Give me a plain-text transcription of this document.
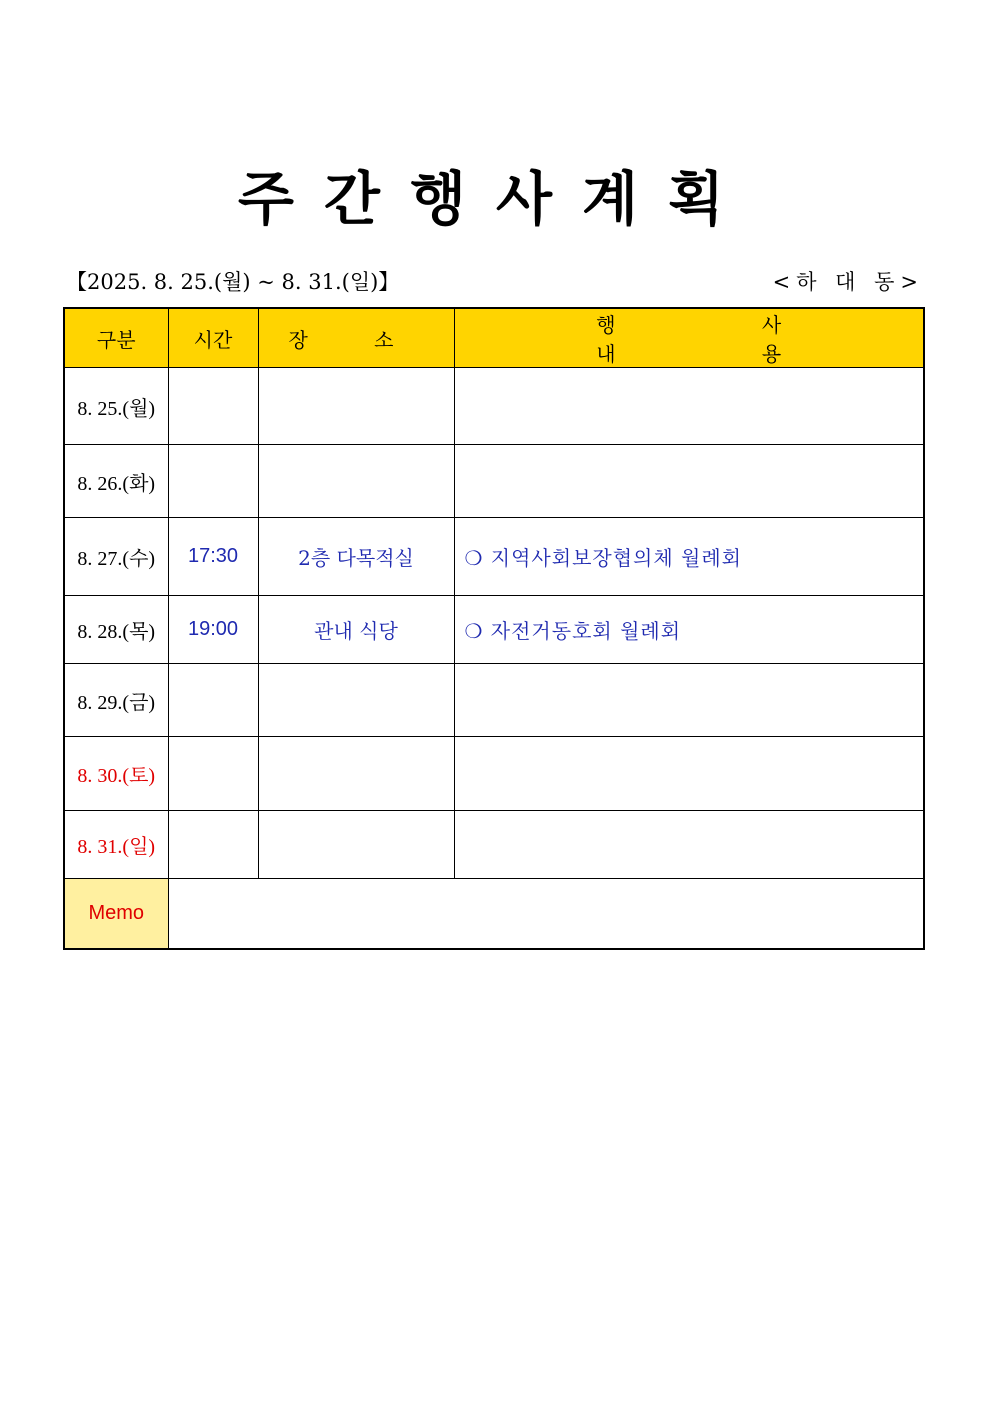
주간행사계획
【2025. 8. 25.(월) ~ 8. 31.(일)】	<하 대 동>
구분	시간	장 소	행 사 내 용
8. 25.(월)			
8. 26.(화)			
8. 27.(수)	17:30	2층 다목적실	❍ 지역사회보장협의체 월례회
8. 28.(목)	19:00	관내 식당	❍ 자전거동호회 월례회
8. 29.(금)			
8. 30.(토)			
8. 31.(일)			
Memo			
